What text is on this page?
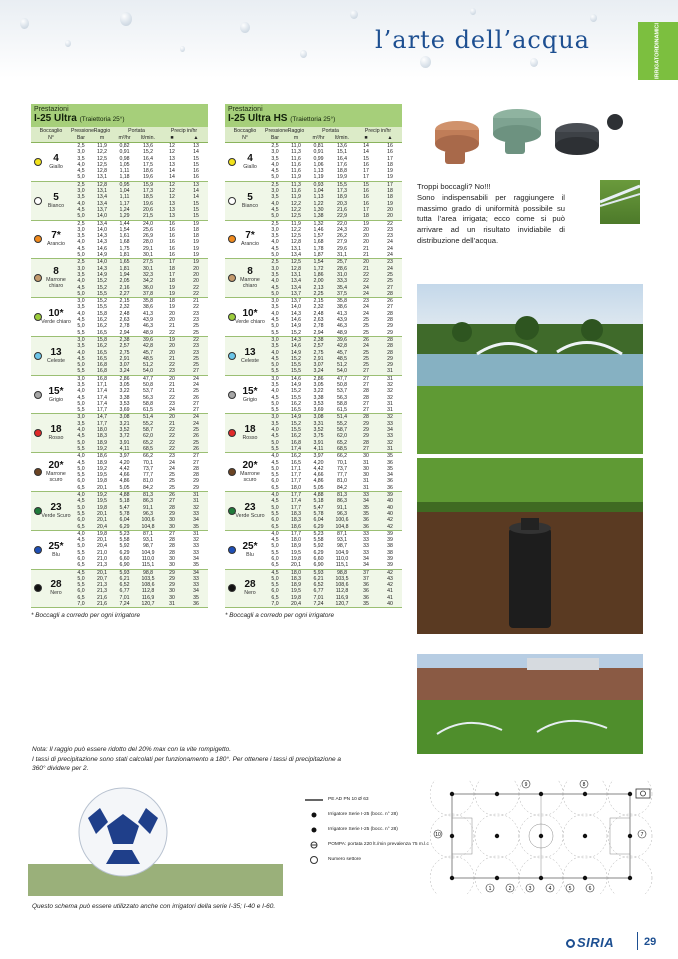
l’arte dell’acqua
IRRIGATORI
DINAMICI
Prestazioni
I-25 Ultra (Traiettoria 25°)
Boccaglio	Pressione Raggio	Portata	Precip in/hr
N°	Bar	m	m³/hr	lt/min.	■	▲
4
Giallo
2,5	11,9	0,82	13,6	12	13
3,0	12,2	0,91	15,2	12	14
3,5	12,5	0,98	16,4	13	15
4,0	12,5	1,05	17,5	13	15
4,5	12,8	1,11	18,6	14	16
5,0	13,1	1,18	19,6	14	16
5
Bianco
2,5	12,8	0,95	15,9	12	13
3,0	13,1	1,04	17,3	12	14
3,5	13,4	1,11	18,5	12	14
4,0	13,4	1,17	19,6	13	15
4,5	13,7	1,24	20,6	13	15
5,0	14,0	1,29	21,5	13	15
7*
Arancio
2,5	13,4	1,44	24,0	16	19
3,0	14,0	1,54	25,6	16	18
3,5	14,3	1,61	26,9	16	18
4,0	14,3	1,68	28,0	16	19
4,5	14,6	1,75	29,1	16	19
5,0	14,9	1,81	30,1	16	19
8
Marrone chiaro
2,5	14,0	1,65	27,5	17	19
3,0	14,3	1,81	30,1	18	20
3,5	14,9	1,94	32,3	17	20
4,0	15,2	2,05	34,2	18	20
4,5	15,2	2,16	36,0	19	22
5,0	15,5	2,27	37,8	19	22
10*
Verde chiaro
3,0	15,2	2,15	35,8	18	21
3,5	15,5	2,32	38,6	19	22
4,0	15,8	2,48	41,3	20	23
4,5	16,2	2,63	43,9	20	23
5,0	16,2	2,78	46,3	21	25
5,5	16,5	2,94	48,9	22	25
13
Celeste
3,0	15,8	2,38	39,6	19	22
3,5	16,2	2,57	42,8	20	23
4,0	16,5	2,75	45,7	20	23
4,5	16,5	2,91	48,5	21	25
5,0	16,8	3,07	51,2	22	25
5,5	16,8	3,24	54,0	23	27
15*
Grigio
3,0	16,8	2,86	47,7	20	24
3,5	17,1	3,05	50,8	21	24
4,0	17,4	3,22	53,7	21	25
4,5	17,4	3,38	56,3	22	26
5,0	17,4	3,53	58,8	23	27
5,5	17,7	3,69	61,5	24	27
18
Rosso
3,0	14,7	3,08	51,4	20	24
3,5	17,7	3,21	55,2	21	24
4,0	18,0	3,52	58,7	22	25
4,5	18,3	3,72	62,0	22	26
5,0	18,9	3,91	65,2	22	25
5,5	19,2	4,11	68,5	22	26
20*
Marrone scuro
4,0	18,6	3,97	66,2	23	27
4,5	18,9	4,20	70,1	24	27
5,0	19,2	4,42	73,7	24	28
5,5	19,5	4,66	77,7	25	28
6,0	19,8	4,86	81,0	25	29
6,5	20,1	5,05	84,2	25	29
23
Verde Scuro
4,0	19,2	4,88	81,3	26	31
4,5	19,5	5,18	86,3	27	31
5,0	19,8	5,47	91,1	28	32
5,5	20,1	5,78	96,3	29	33
6,0	20,1	6,04	100,6	30	34
6,5	20,4	6,29	104,8	30	35
25*
Blu
4,0	19,8	5,23	87,1	27	31
4,5	20,1	5,58	93,1	28	32
5,0	20,4	5,92	98,7	28	33
5,5	21,0	6,29	104,9	28	33
6,0	21,0	6,60	110,0	30	34
6,5	21,3	6,90	115,1	30	35
28
Nero
4,5	20,1	5,93	98,8	29	34
5,0	20,7	6,21	103,5	29	33
5,5	21,3	6,52	108,6	29	33
6,0	21,3	6,77	112,8	30	34
6,5	21,6	7,01	116,9	30	35
7,0	21,6	7,24	120,7	31	36
* Boccagli a corredo per ogni irrigatore
Prestazioni
I-25 Ultra HS (Traiettoria 25°)
Boccaglio	Pressione Raggio	Portata	Precip in/hr
N°	Bar	m	m³/hr	lt/min.	■	▲
4
Giallo
2,5	11,0	0,81	13,6	14	16
3,0	11,3	0,91	15,1	14	16
3,5	11,6	0,99	16,4	15	17
4,0	11,6	1,06	17,6	16	18
4,5	11,6	1,13	18,8	17	19
5,0	11,9	1,19	19,9	17	19
5
Bianco
2,5	11,3	0,93	15,5	15	17
3,0	11,6	1,04	17,3	16	18
3,5	11,9	1,13	18,9	16	18
4,0	12,2	1,22	20,3	16	19
4,5	12,2	1,30	21,6	17	20
5,0	12,5	1,38	22,9	18	20
7*
Arancio
2,5	11,9	1,32	22,0	19	22
3,0	12,2	1,46	24,3	20	23
3,5	12,5	1,57	26,2	20	23
4,0	12,8	1,68	27,9	20	24
4,5	13,1	1,78	29,6	21	24
5,0	13,4	1,87	31,1	21	24
8
Marrone chiaro
2,5	12,5	1,54	25,7	20	23
3,0	12,8	1,72	28,6	21	24
3,5	13,1	1,86	31,0	22	25
4,0	13,4	2,00	33,3	22	25
4,5	13,4	2,13	35,4	24	27
5,0	13,7	2,25	37,5	24	28
10*
Verde chiaro
3,0	13,7	2,15	35,8	23	26
3,5	14,0	2,32	38,6	24	27
4,0	14,3	2,48	41,3	24	28
4,5	14,6	2,63	43,9	25	28
5,0	14,9	2,78	46,3	25	29
5,5	15,2	2,94	48,9	25	29
13
Celeste
3,0	14,3	2,38	39,6	26	28
3,5	14,6	2,57	42,8	24	28
4,0	14,9	2,75	45,7	25	28
4,5	15,2	2,91	48,5	25	29
5,0	15,5	3,07	51,2	25	29
5,5	15,5	3,24	54,0	27	31
15*
Grigio
3,0	14,6	2,86	47,7	27	31
3,5	14,9	3,05	50,8	27	32
4,0	15,2	3,22	53,7	28	32
4,5	15,5	3,38	56,3	28	32
5,0	16,2	3,53	58,8	27	31
5,5	16,5	3,69	61,5	27	31
18
Rosso
3,0	14,9	3,08	51,4	28	32
3,5	15,2	3,31	55,2	29	33
4,0	15,5	3,52	58,7	29	34
4,5	16,2	3,75	62,0	29	33
5,0	16,8	3,91	65,2	28	32
5,5	17,4	4,11	68,5	27	31
20*
Marrone scuro
4,0	16,2	3,97	66,2	30	35
4,5	16,5	4,20	70,1	31	36
5,0	17,1	4,42	73,7	30	35
5,5	17,7	4,66	77,7	30	34
6,0	17,7	4,86	81,0	31	36
6,5	18,0	5,05	84,2	31	36
23
Verde Scuro
4,0	17,7	4,88	81,3	33	39
4,5	17,4	5,18	86,3	34	40
5,0	17,7	5,47	91,1	35	40
5,5	18,3	5,78	96,3	35	40
6,0	18,3	6,04	100,6	36	42
6,5	18,6	6,29	104,8	36	42
25*
Blu
4,0	17,7	5,23	87,1	33	39
4,5	18,0	5,58	93,1	33	39
5,0	18,9	5,92	98,7	33	38
5,5	19,5	6,29	104,9	33	38
6,0	19,8	6,60	110,0	34	39
6,5	20,1	6,90	115,1	34	39
28
Nero
4,5	18,0	5,93	98,8	37	42
5,0	18,3	6,21	103,5	37	43
5,5	18,9	6,52	108,6	36	42
6,0	19,5	6,77	112,8	36	41
6,5	19,8	7,01	116,9	36	41
7,0	20,4	7,24	120,7	35	40
* Boccagli a corredo per ogni irrigatore
Nota: Il raggio può essere ridotto del 20% max con la vite rompigetto.
I tassi di precipitazione sono stati calcolati per funzionamento a 180°. Per ottenere i tassi di precipitazione a
360° dividere per 2.
Troppi boccagli? No!!!
Sono indispensabili per raggiungere il massimo grado di uniformità possibile su tutta l’area irrigata; ecco come si può arrivare ad un risultato invidiabile di distribuzione dell’acqua.
PE AD PN 10 Ø 63
Irrigatore Serie I-25 (bocc. n° 28)
Irrigatore Serie I-25 (bocc. n° 28)
POMPA: portata 220 lt./min prevalenza 75 m.l.c
Numero settore
1	2	3	4	5	6
7
8
9
10
Questo schema può essere utilizzato anche con irrigatori della serie I-35; I-40 e I-60.
SIRIA	29
